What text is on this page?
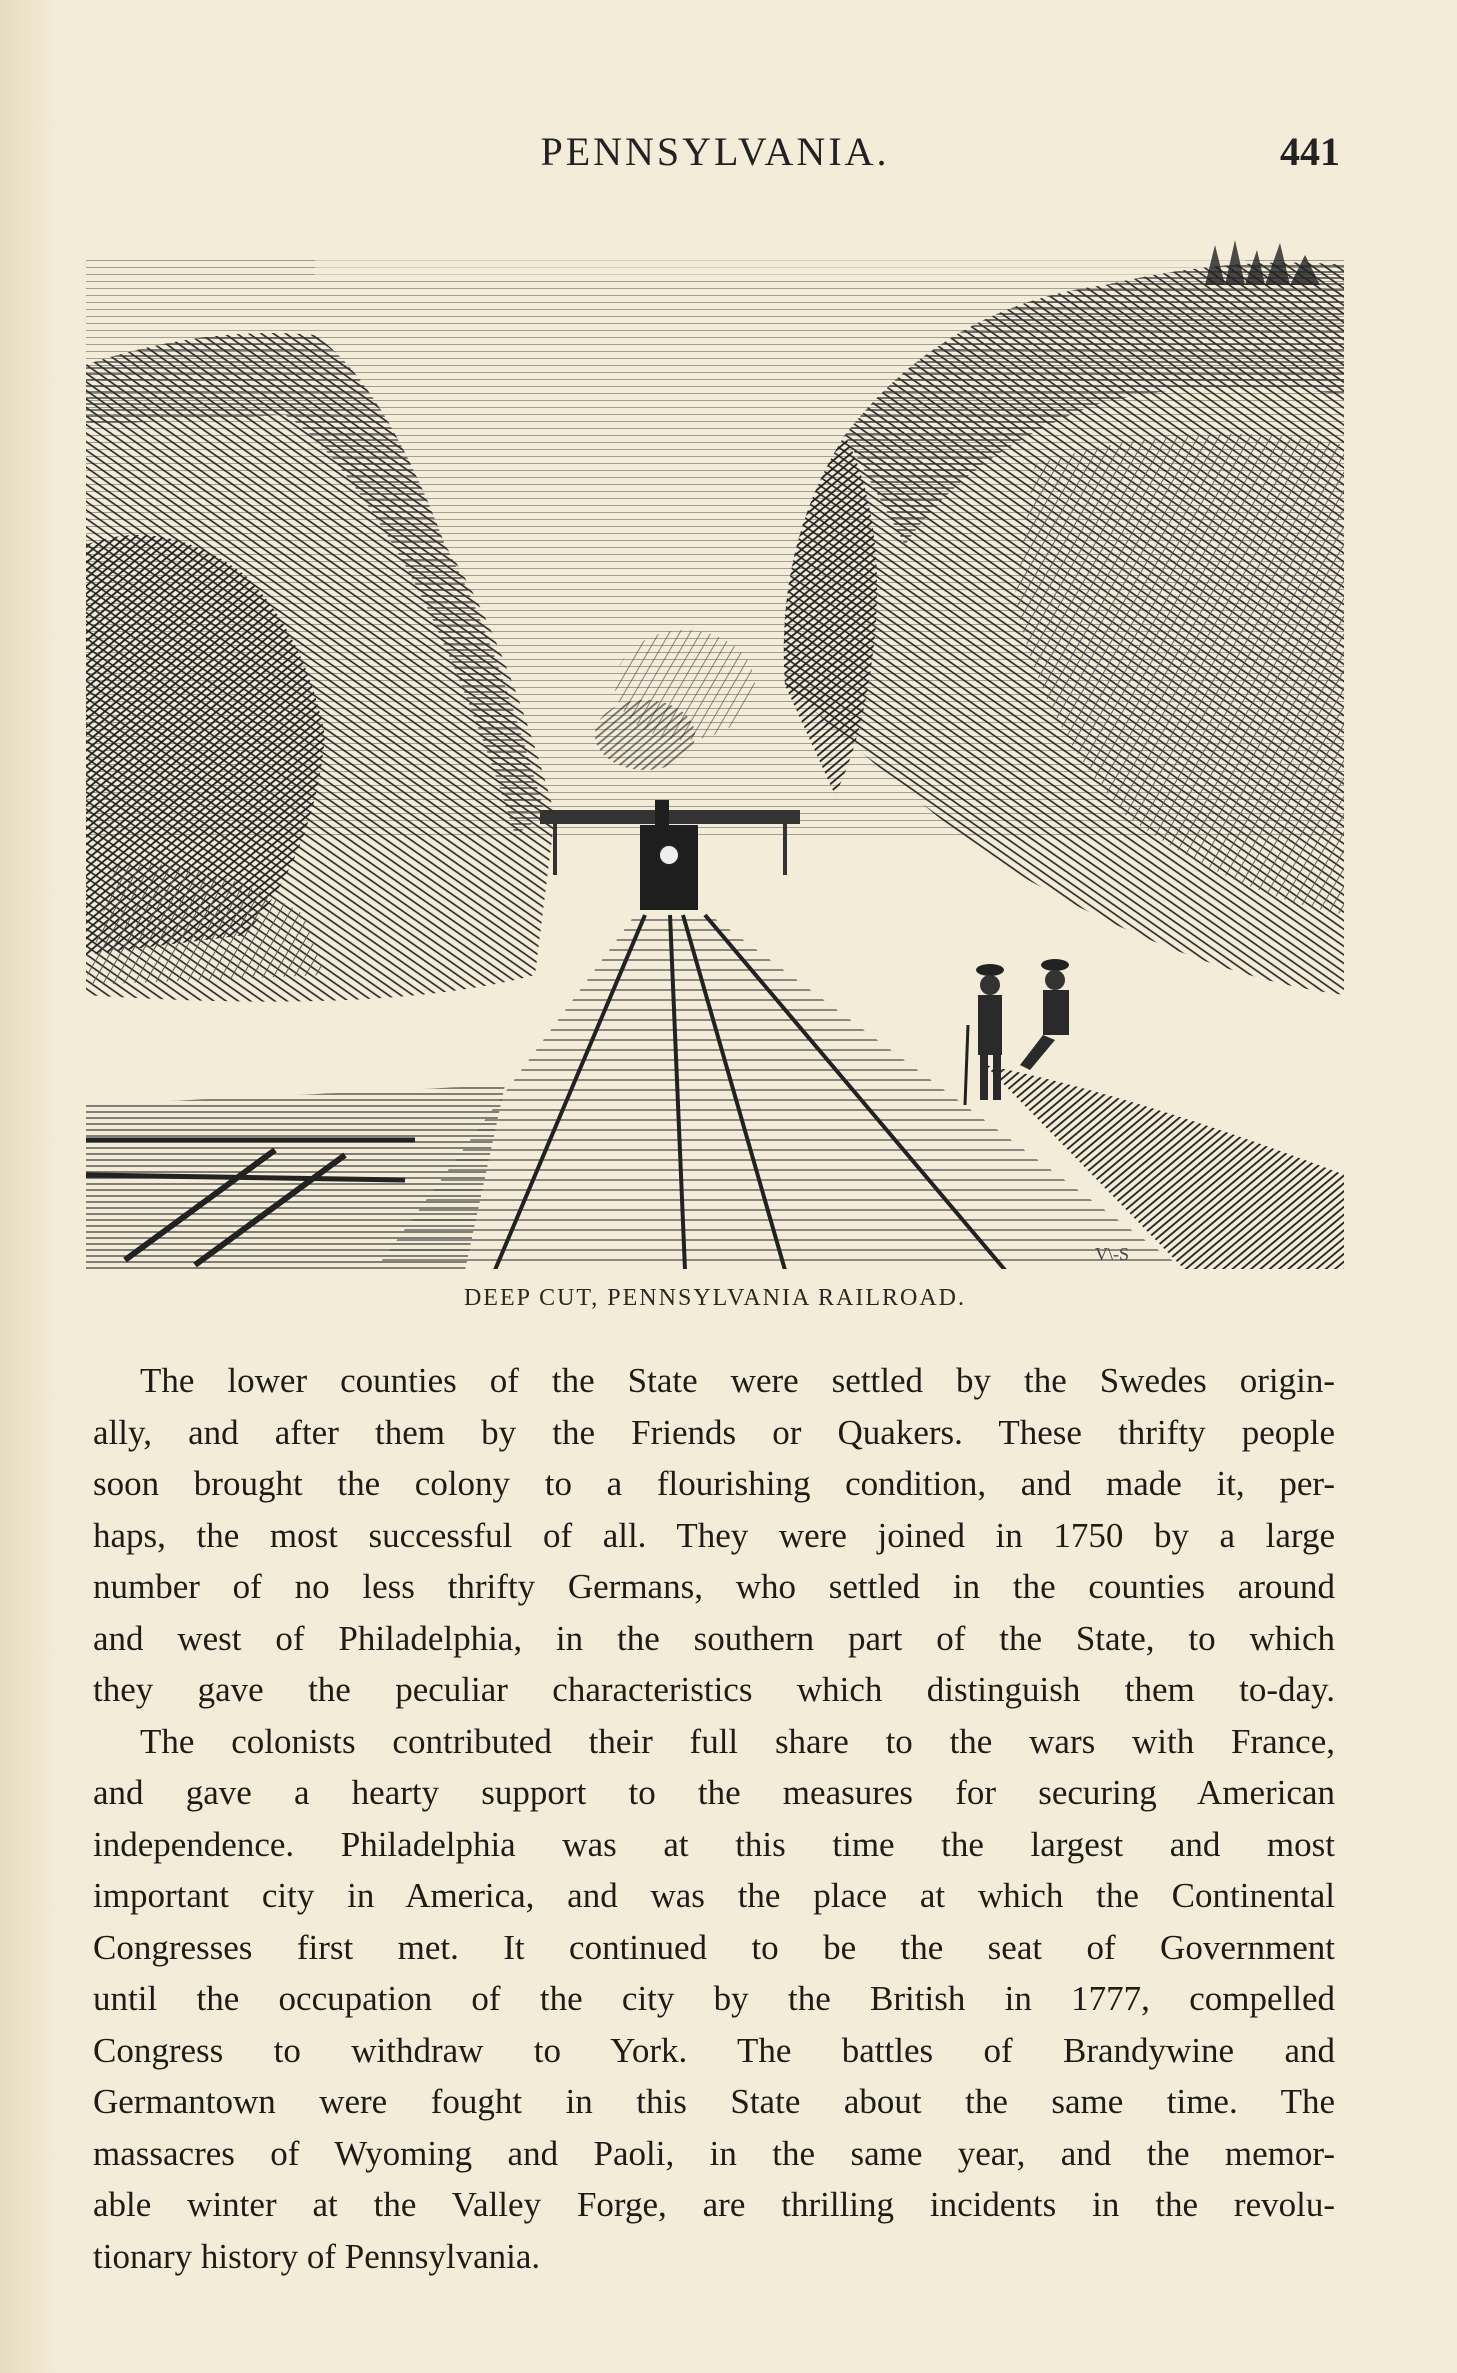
PENNSYLVANIA.	441
V\-S
DEEP CUT, PENNSYLVANIA RAILROAD.
The lower counties of the State were settled by the Swedes origin-
ally, and after them by the Friends or Quakers. These thrifty people
soon brought the colony to a flourishing condition, and made it, per-
haps, the most successful of all. They were joined in 1750 by a large
number of no less thrifty Germans, who settled in the counties around
and west of Philadelphia, in the southern part of the State, to which
they gave the peculiar characteristics which distinguish them to-day.
The colonists contributed their full share to the wars with France,
and gave a hearty support to the measures for securing American
independence. Philadelphia was at this time the largest and most
important city in America, and was the place at which the Continental
Congresses first met. It continued to be the seat of Government
until the occupation of the city by the British in 1777, compelled
Congress to withdraw to York. The battles of Brandywine and
Germantown were fought in this State about the same time. The
massacres of Wyoming and Paoli, in the same year, and the memor-
able winter at the Valley Forge, are thrilling incidents in the revolu-
tionary history of Pennsylvania.
